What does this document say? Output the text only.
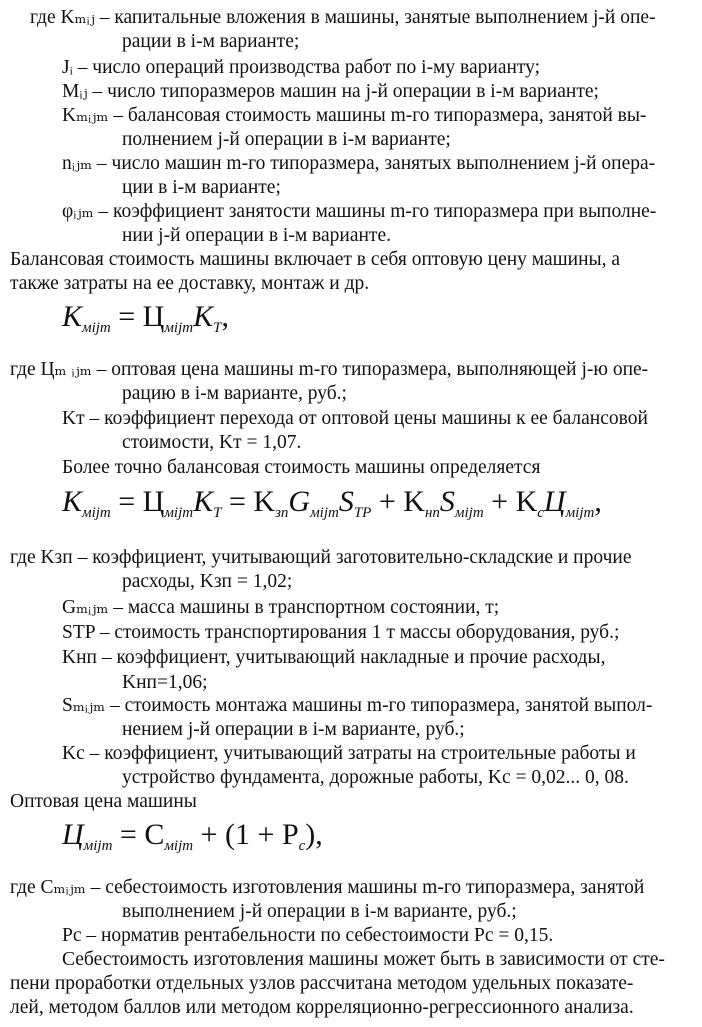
где Kₘᵢⱼ – капитальные вложения в машины, занятые выполнением j-й опе-
рации в i-м варианте;
Jᵢ – число операций производства работ по i-му варианту;
Mᵢⱼ – число типоразмеров машин на j-й операции в i-м варианте;
Kₘᵢⱼₘ – балансовая стоимость машины m-го типоразмера, занятой вы-
полнением j-й операции в i-м варианте;
nᵢⱼₘ – число машин m-го типоразмера, занятых выполнением j-й опера-
ции в i-м варианте;
φᵢⱼₘ – коэффициент занятости машины m-го типоразмера при выполне-
нии j-й операции в i-м варианте.
Балансовая стоимость машины включает в себя оптовую цену машины, а
также затраты на ее доставку, монтаж и др.
$K_{мijm} = Ц_{мijm}K_T$,
где Цₘ ᵢⱼₘ – оптовая цена машины m-го типоразмера, выполняющей j-ю опе-
рацию в i-м варианте, руб.;
Kт – коэффициент перехода от оптовой цены машины к ее балансовой
стоимости, Kт = 1,07.
Более точно балансовая стоимость машины определяется
$K_{мijm} = Ц_{мijm}K_T = K_{зп}G_{мijm}S_{TP} + K_{нп}S_{мijm} + K_cЦ_{мijm}$,
где Kзп – коэффициент, учитывающий заготовительно-складские и прочие
расходы, Kзп = 1,02;
Gₘᵢⱼₘ – масса машины в транспортном состоянии, т;
STP – стоимость транспортирования 1 т массы оборудования, руб.;
Kнп – коэффициент, учитывающий накладные и прочие расходы,
Kнп=1,06;
Sₘᵢⱼₘ – стоимость монтажа машины m-го типоразмера, занятой выпол-
нением j-й операции в i-м варианте, руб.;
Kc – коэффициент, учитывающий затраты на строительные работы и
устройство фундамента, дорожные работы, Kc = 0,02... 0, 08.
Оптовая цена машины
$Ц_{мijm} = C_{мijm} + (1 + P_c)$,
где Cₘᵢⱼₘ – себестоимость изготовления машины m-го типоразмера, занятой
выполнением j-й операции в i-м варианте, руб.;
Pc – норматив рентабельности по себестоимости Pc = 0,15.
Себестоимость изготовления машины может быть в зависимости от сте-
пени проработки отдельных узлов рассчитана методом удельных показате-
лей, методом баллов или методом корреляционно-регрессионного анализа.
